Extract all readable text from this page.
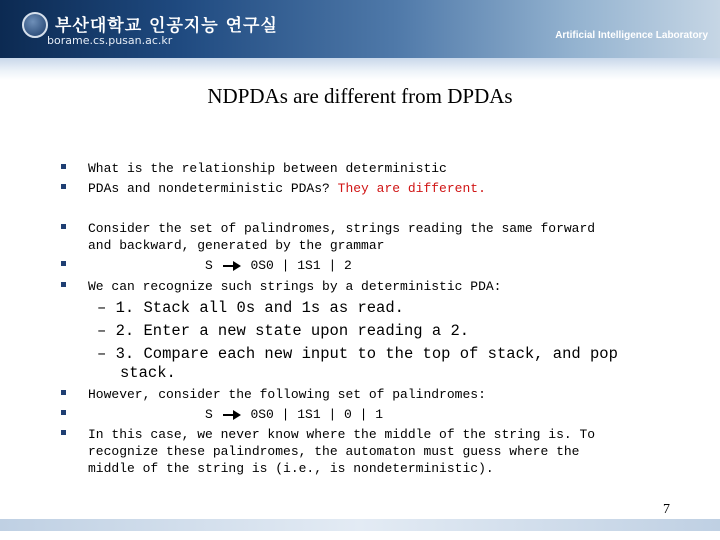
부산대학교 인공지능 연구실
borame.cs.pusan.ac.kr	Artificial Intelligence Laboratory
NDPDAs are different from DPDAs
What is the relationship between deterministic
PDAs and nondeterministic PDAs? They are different.
Consider the set of palindromes, strings reading the same forward
and backward, generated by the grammar
S	0S0 | 1S1 | 2
We can recognize such strings by a deterministic PDA:
– 1. Stack all 0s and 1s as read.
– 2. Enter a new state upon reading a 2.
– 3. Compare each new input to the top of stack, and pop
stack.
However, consider the following set of palindromes:
S	0S0 | 1S1 | 0 | 1
In this case, we never know where the middle of the string is. To
recognize these palindromes, the automaton must guess where the
middle of the string is (i.e., is nondeterministic).
7
